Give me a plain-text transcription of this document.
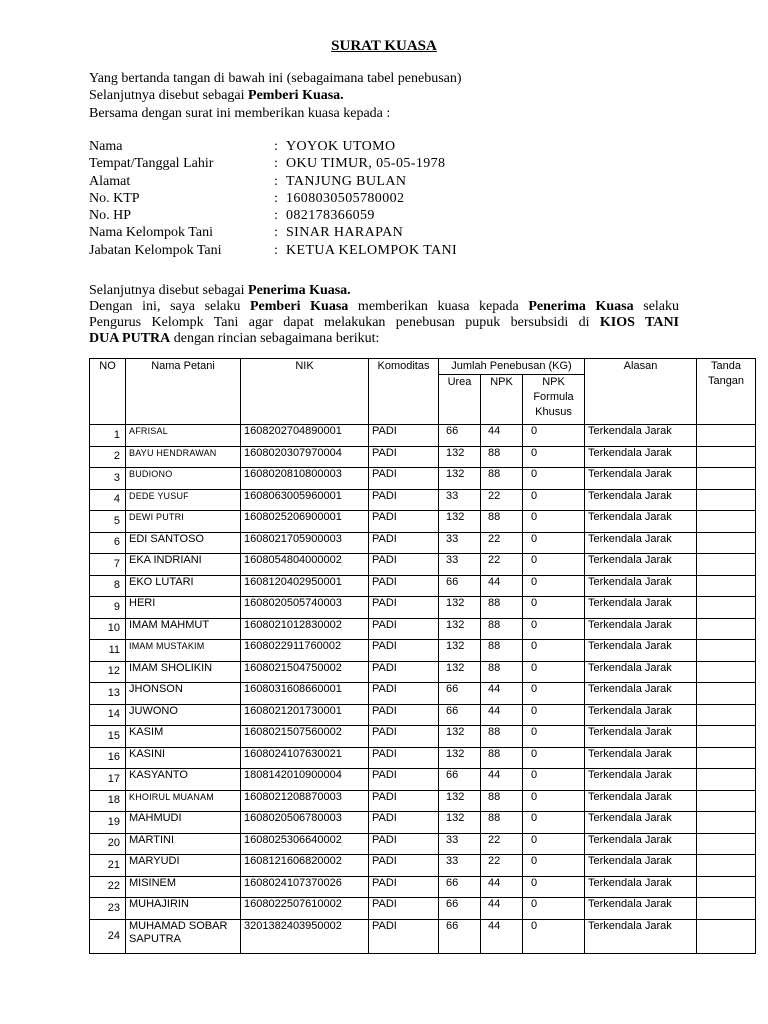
SURAT KUASA

Yang bertanda tangan di bawah ini (sebagaimana tabel penebusan)

Selanjutnya disebut sebagai Pemberi Kuasa.

Bersama dengan surat ini memberikan kuasa kepada :

Nama	: YOYOK UTOMO
Tempat/Tanggal Lahir	: OKU TIMUR, 05-05-1978
Alamat	: TANJUNG BULAN
No. KTP	: 1608030505780002
No. HP	: 082178366059
Nama Kelompok Tani	: SINAR HARAPAN
Jabatan Kelompok Tani	: KETUA KELOMPOK TANI

Selanjutnya disebut sebagai Penerima Kuasa.

Dengan ini, saya selaku Pemberi Kuasa memberikan kuasa kepada Penerima Kuasa selaku

Pengurus Kelompk Tani agar dapat melakukan penebusan pupuk bersubsidi di KIOS TANI

DUA PUTRA dengan rincian sebagaimana berikut:

NO	Nama Petani	NIK	Komoditas	Jumlah Penebusan (KG)			Alasan	Tanda Tangan
				Urea	NPK	NPK Formula Khusus		
1	AFRISAL	1608202704890001	PADI	66	44	0	Terkendala Jarak	
2	BAYU HENDRAWAN	1608020307970004	PADI	132	88	0	Terkendala Jarak	
3	BUDIONO	1608020810800003	PADI	132	88	0	Terkendala Jarak	
4	DEDE YUSUF	1608063005960001	PADI	33	22	0	Terkendala Jarak	
5	DEWI PUTRI	1608025206900001	PADI	132	88	0	Terkendala Jarak	
6	EDI SANTOSO	1608021705900003	PADI	33	22	0	Terkendala Jarak	
7	EKA INDRIANI	1608054804000002	PADI	33	22	0	Terkendala Jarak	
8	EKO LUTARI	1608120402950001	PADI	66	44	0	Terkendala Jarak	
9	HERI	1608020505740003	PADI	132	88	0	Terkendala Jarak	
10	IMAM MAHMUT	1608021012830002	PADI	132	88	0	Terkendala Jarak	
11	IMAM MUSTAKIM	1608022911760002	PADI	132	88	0	Terkendala Jarak	
12	IMAM SHOLIKIN	1608021504750002	PADI	132	88	0	Terkendala Jarak	
13	JHONSON	1608031608660001	PADI	66	44	0	Terkendala Jarak	
14	JUWONO	1608021201730001	PADI	66	44	0	Terkendala Jarak	
15	KASIM	1608021507560002	PADI	132	88	0	Terkendala Jarak	
16	KASINI	1608024107630021	PADI	132	88	0	Terkendala Jarak	
17	KASYANTO	1808142010900004	PADI	66	44	0	Terkendala Jarak	
18	KHOIRUL MUANAM	1608021208870003	PADI	132	88	0	Terkendala Jarak	
19	MAHMUDI	1608020506780003	PADI	132	88	0	Terkendala Jarak	
20	MARTINI	1608025306640002	PADI	33	22	0	Terkendala Jarak	
21	MARYUDI	1608121606820002	PADI	33	22	0	Terkendala Jarak	
22	MISINEM	1608024107370026	PADI	66	44	0	Terkendala Jarak	
23	MUHAJIRIN	1608022507610002	PADI	66	44	0	Terkendala Jarak	
24	MUHAMAD SOBAR SAPUTRA	3201382403950002	PADI	66	44	0	Terkendala Jarak	
